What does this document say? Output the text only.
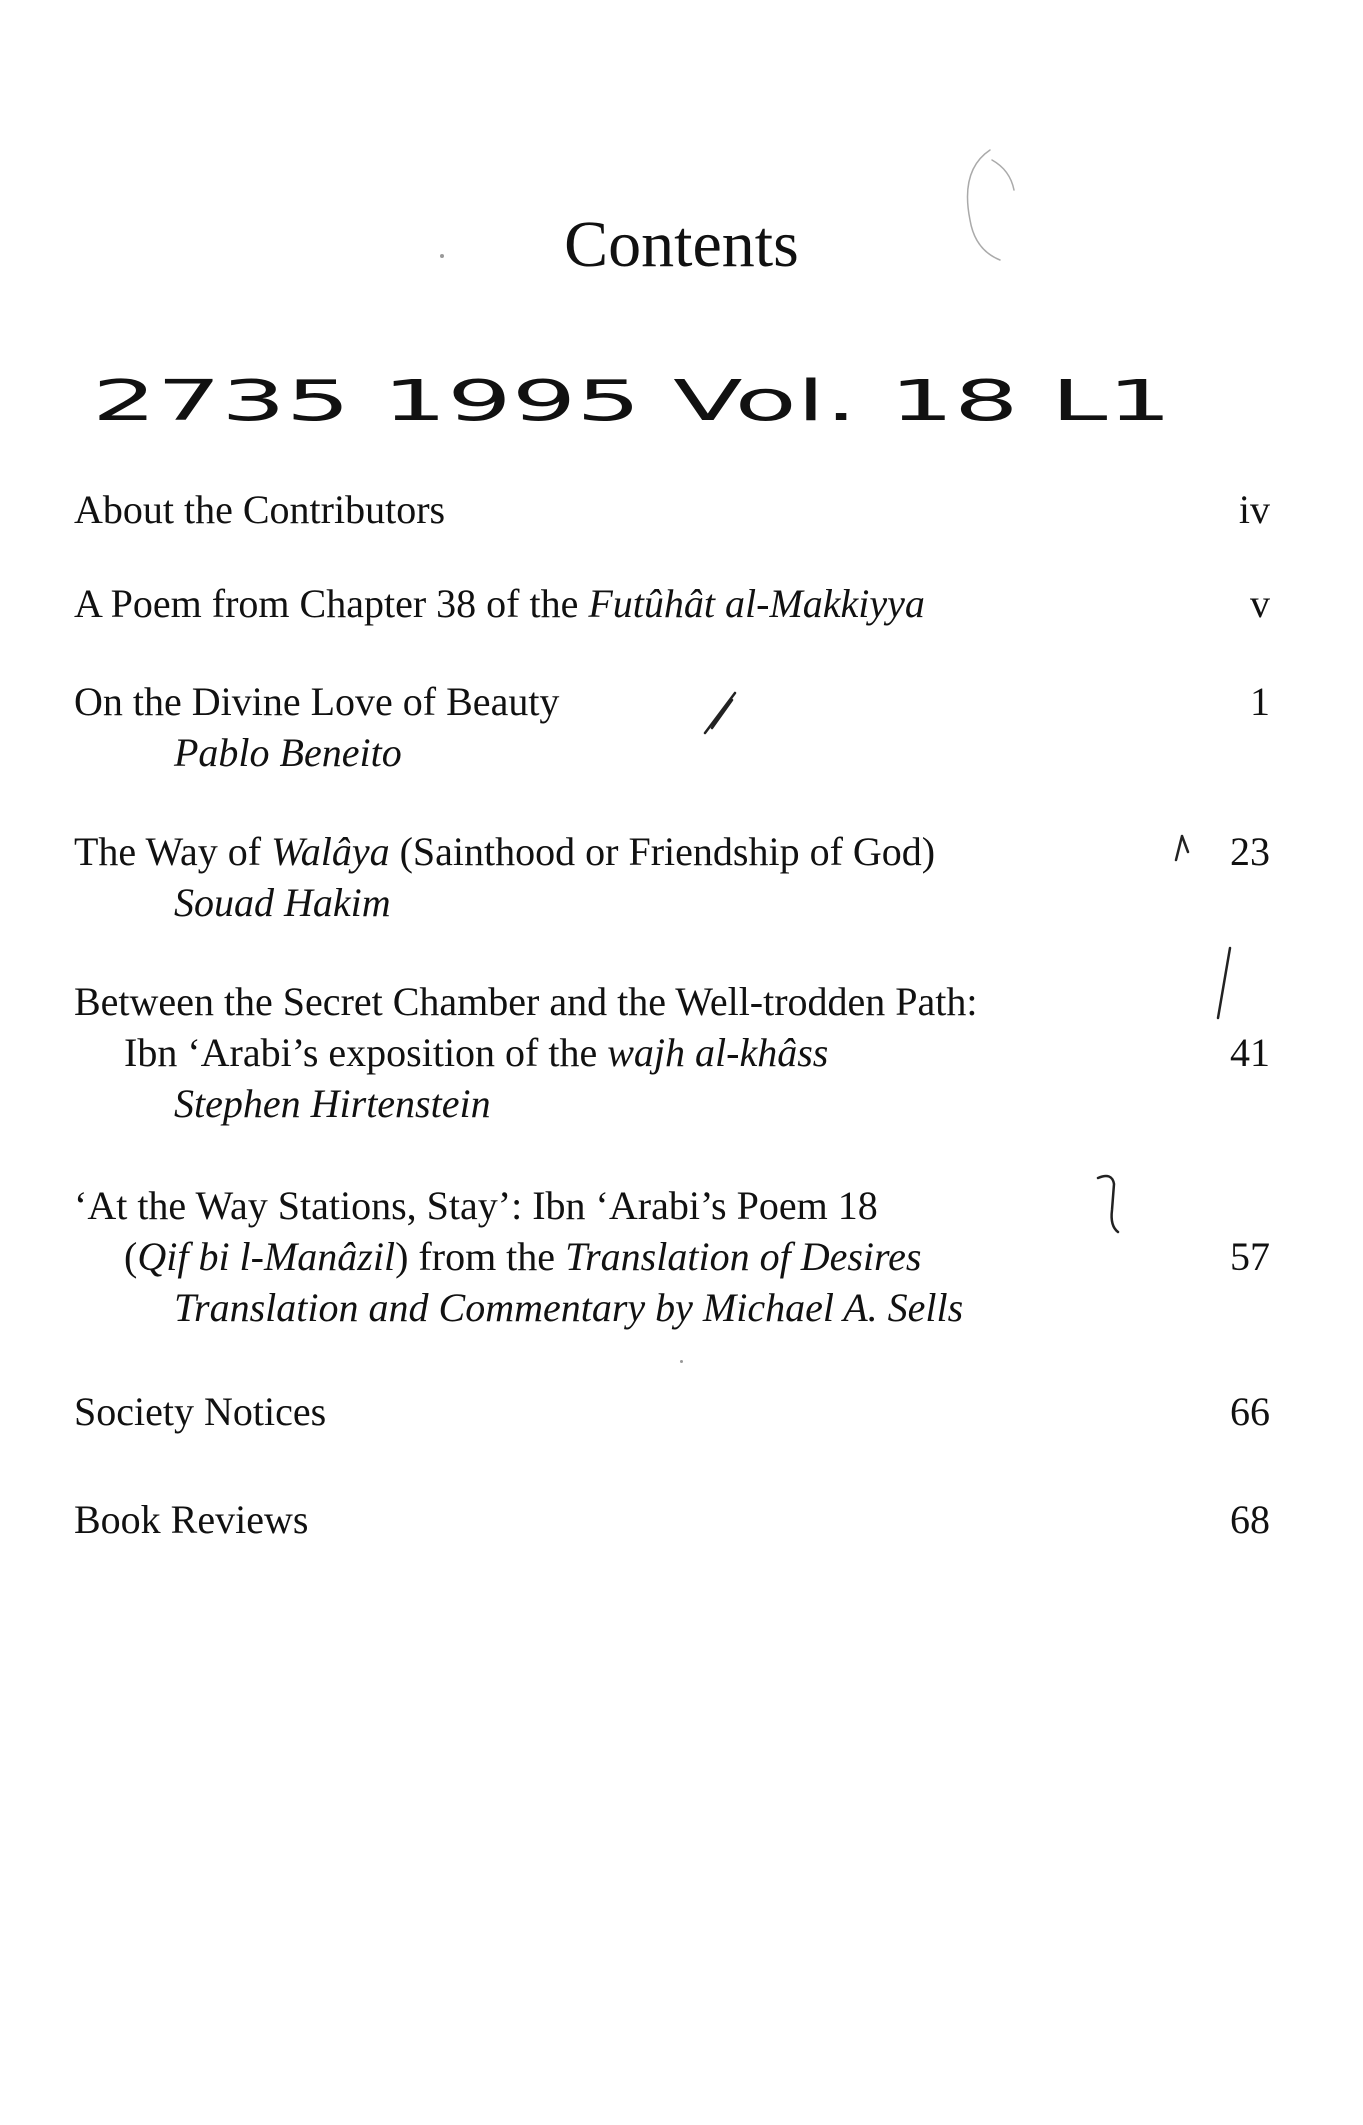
Contents
2735 1995 Vol. 18 L1
About the Contributors	iv
A Poem from Chapter 38 of the Futûhât al-Makkiyya	v
On the Divine Love of Beauty	1
Pablo Beneito
The Way of Walâya (Sainthood or Friendship of God)	23
Souad Hakim
Between the Secret Chamber and the Well-trodden Path:
Ibn ‘Arabi’s exposition of the wajh al-khâss	41
Stephen Hirtenstein
‘At the Way Stations, Stay’: Ibn ‘Arabi’s Poem 18
(Qif bi l-Manâzil) from the Translation of Desires	57
Translation and Commentary by Michael A. Sells
Society Notices	66
Book Reviews	68
